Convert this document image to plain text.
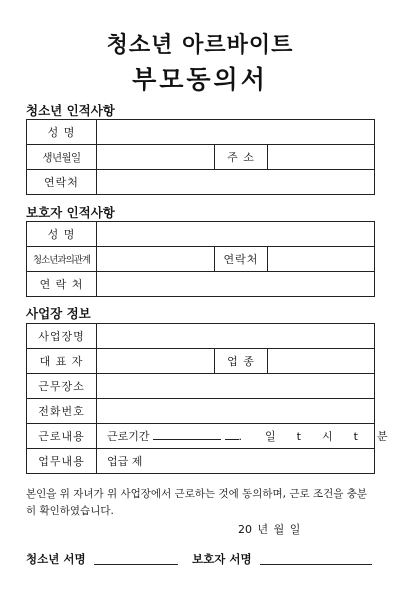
청소년 아르바이트
부모동의서
청소년 인적사항
성 명			
생년월일		주 소	
연락처			
보호자 인적사항
성 명			
청소년과의관계		연락처	
연 락 처			
사업장 정보
사업장명			
대 표 자		업 종	
근무장소			
전화번호			
근로내용	근로기간 .  일 t 시 t 분		
업무내용	업급 제		
본인을 위 자녀가 위 사업장에서 근로하는 것에 동의하며, 근로 조건을 충분히 확인하였습니다.
20 년 월 일
청소년 서명	보호자 서명
